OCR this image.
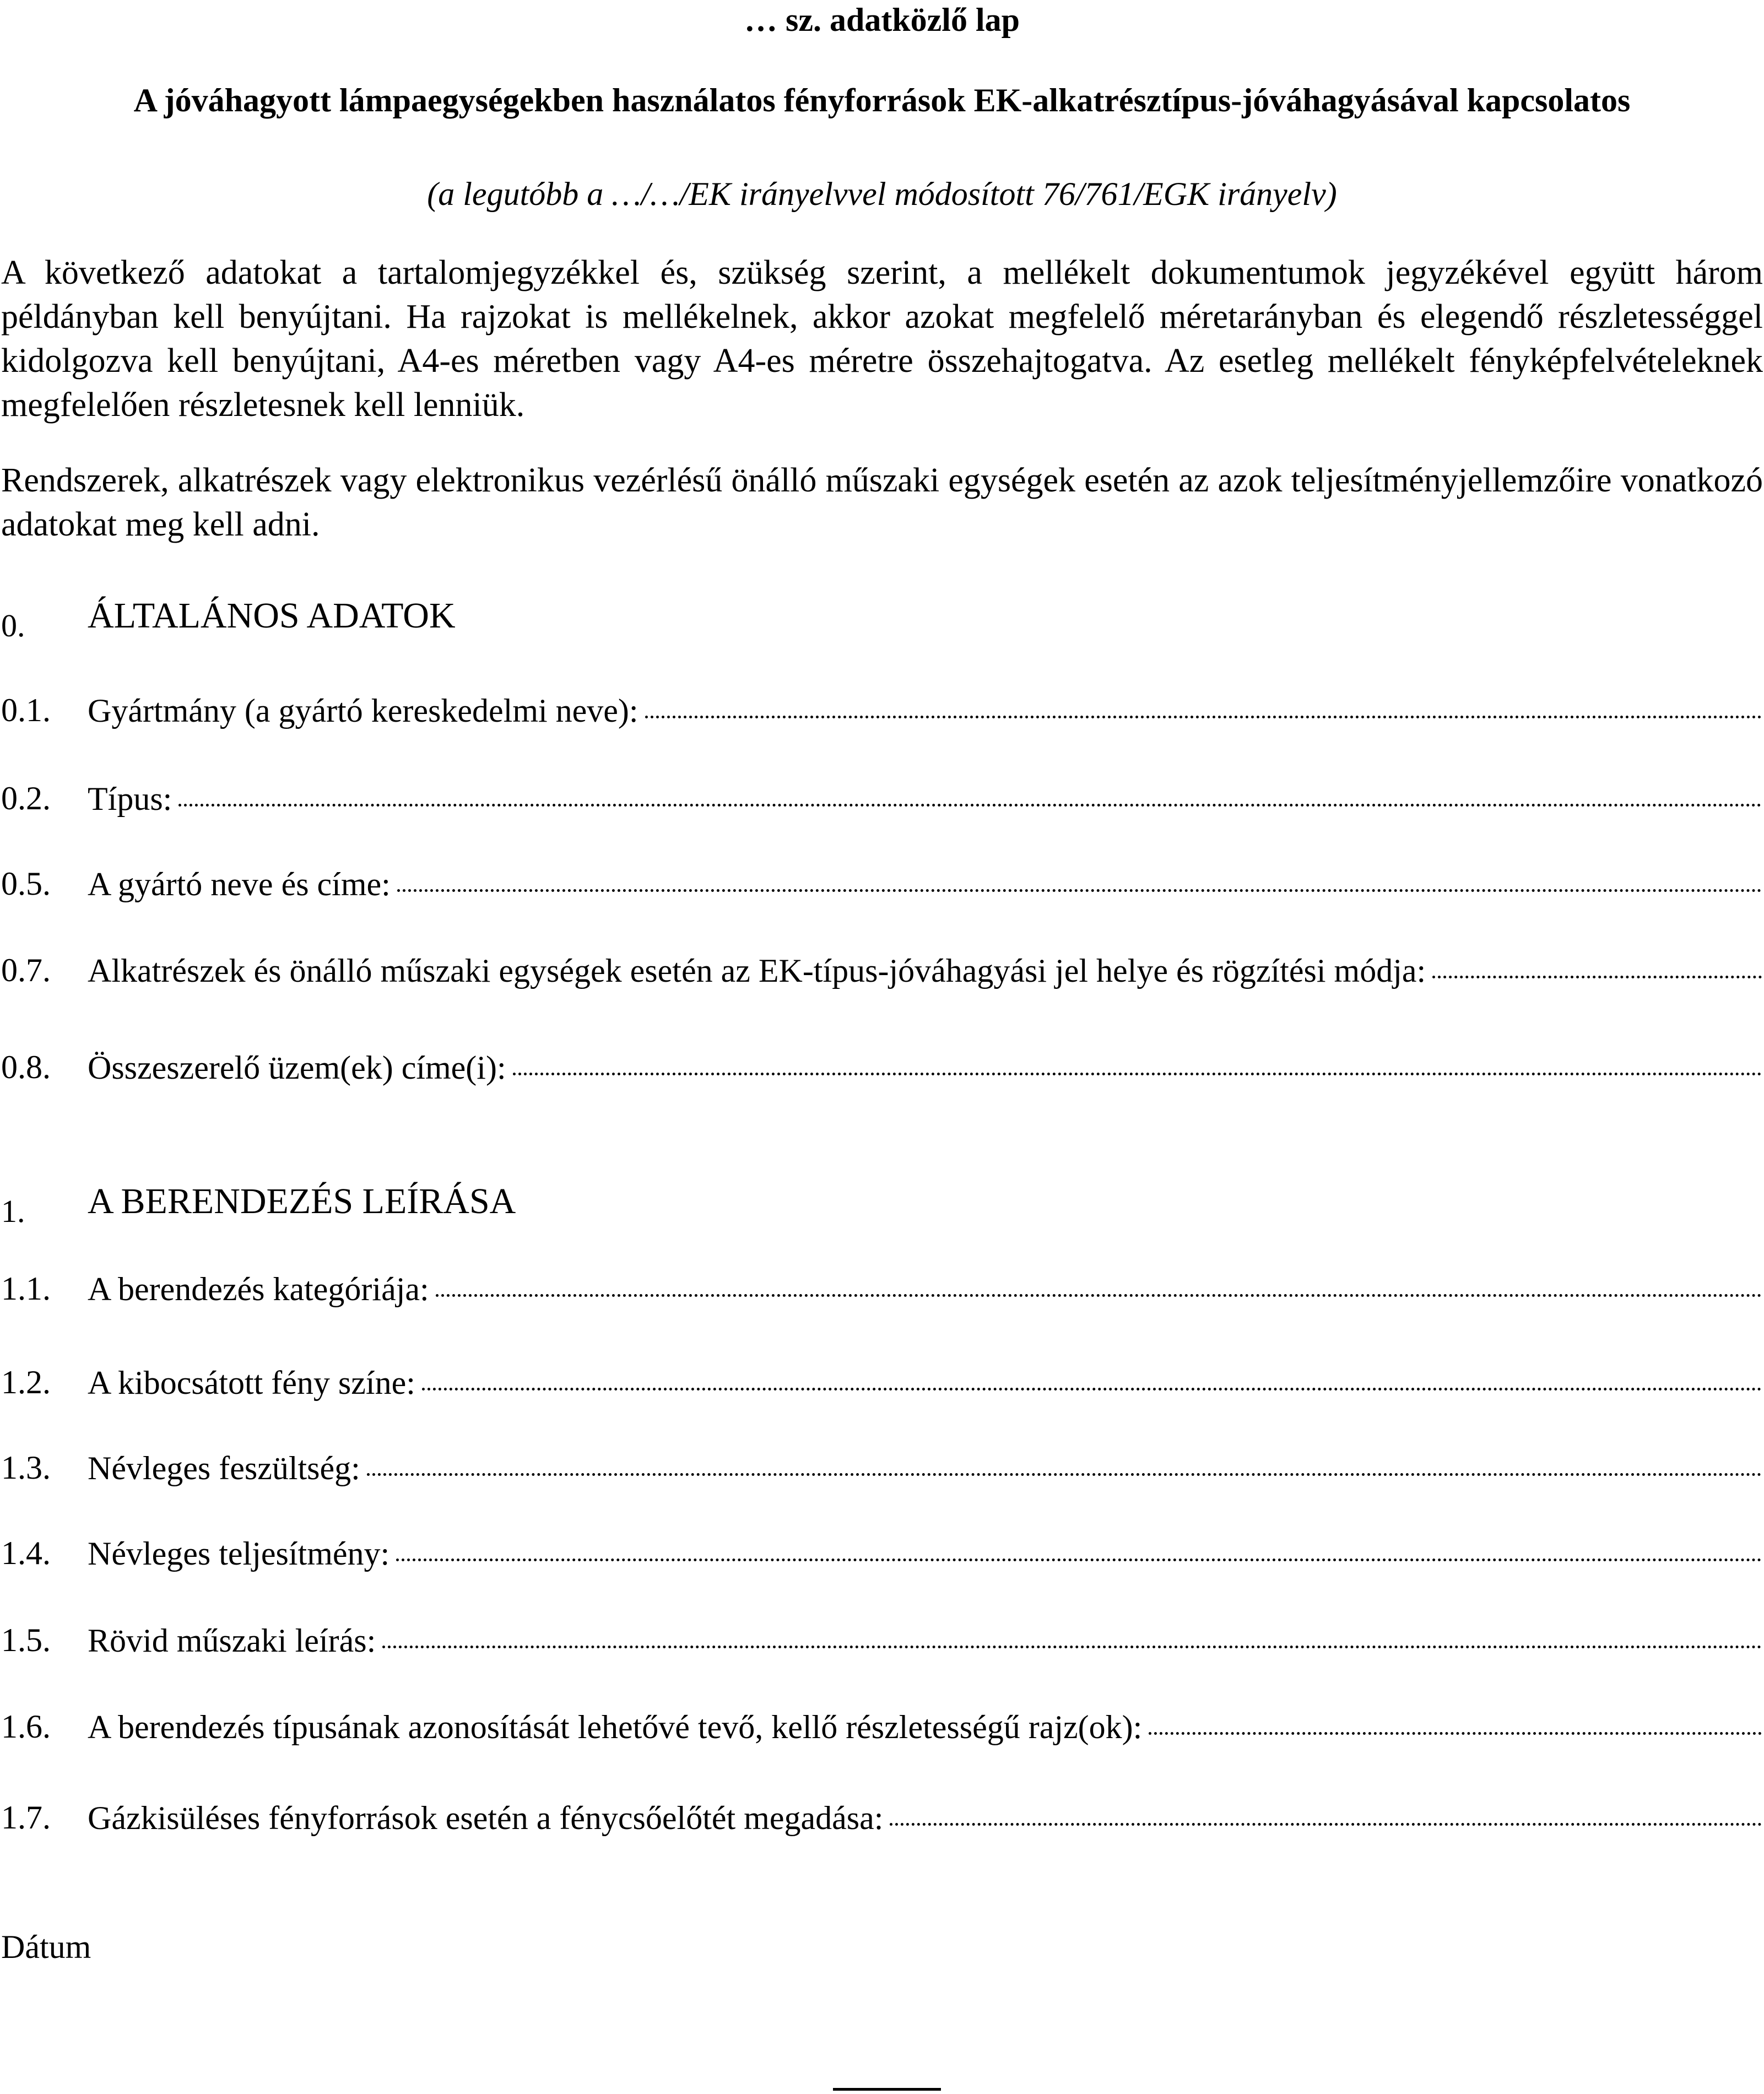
… sz. adatközlő lap
A jóváhagyott lámpaegységekben használatos fényforrások EK-alkatrésztípus-jóváhagyásával kapcsolatos
(a legutóbb a …/…/EK irányelvvel módosított 76/761/EGK irányelv)
A következő adatokat a tartalomjegyzékkel és, szükség szerint, a mellékelt dokumentumok jegyzékével együtt három példányban kell benyújtani. Ha rajzokat is mellékelnek, akkor azokat megfelelő méretarányban és elegendő részletességgel kidolgozva kell benyújtani, A4-es méretben vagy A4-es méretre összehajtogatva. Az esetleg mellékelt fényképfelvételeknek megfelelően részletesnek kell lenniük.
Rendszerek, alkatrészek vagy elektronikus vezérlésű önálló műszaki egységek esetén az azok teljesítményjellemzőire vonatkozó adatokat meg kell adni.
0. ÁLTALÁNOS ADATOK
0.1. Gyártmány (a gyártó kereskedelmi neve):
0.2. Típus:
0.5. A gyártó neve és címe:
0.7. Alkatrészek és önálló műszaki egységek esetén az EK-típus-jóváhagyási jel helye és rögzítési módja:
0.8. Összeszerelő üzem(ek) címe(i):
1. A BERENDEZÉS LEÍRÁSA
1.1. A berendezés kategóriája:
1.2. A kibocsátott fény színe:
1.3. Névleges feszültség:
1.4. Névleges teljesítmény:
1.5. Rövid műszaki leírás:
1.6. A berendezés típusának azonosítását lehetővé tevő, kellő részletességű rajz(ok):
1.7. Gázkisüléses fényforrások esetén a fénycsőelőtét megadása:
Dátum
